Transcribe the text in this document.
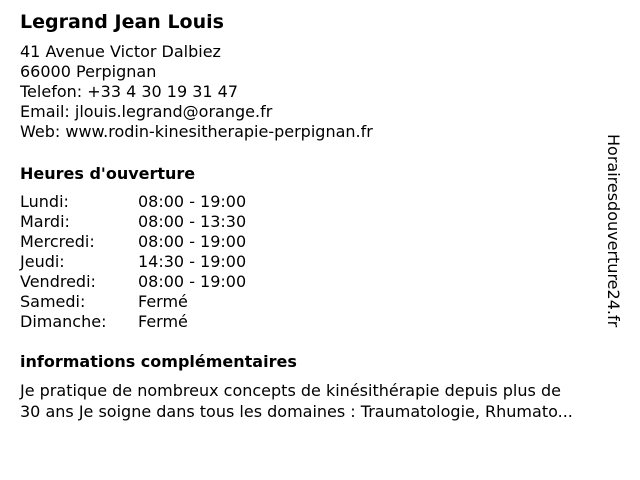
Legrand Jean Louis
41 Avenue Victor Dalbiez
66000 Perpignan
Telefon: +33 4 30 19 31 47
Email: jlouis.legrand@orange.fr
Web: www.rodin-kinesitherapie-perpignan.fr
Heures d'ouverture
Lundi:	08:00 - 19:00
Mardi:	08:00 - 13:30
Mercredi:	08:00 - 19:00
Jeudi:	14:30 - 19:00
Vendredi:	08:00 - 19:00
Samedi:	Fermé
Dimanche:	Fermé
informations complémentaires
Je pratique de nombreux concepts de kinésithérapie depuis plus de
30 ans Je soigne dans tous les domaines : Traumatologie, Rhumato...
Horairesdouverture24.fr
